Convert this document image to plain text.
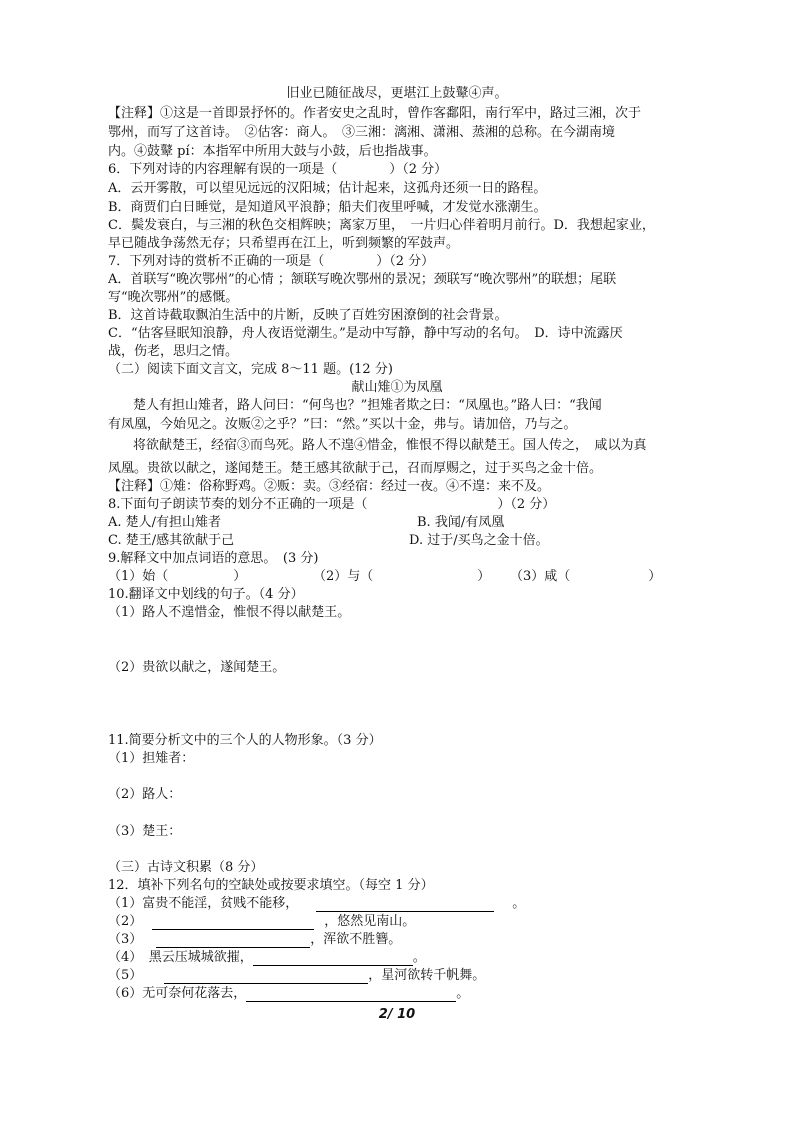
旧业已随征战尽，更堪江上鼓鼙④声。
【注释】①这是一首即景抒怀的。作者安史之乱时，曾作客鄱阳，南行军中，路过三湘，次于
鄂州，而写了这首诗。　②估客：商人。　③三湘：漓湘、潇湘、蒸湘的总称。在今湖南境
内。④鼓鼙 pí：本指军中所用大鼓与小鼓，后也指战事。
6．下列对诗的内容理解有误的一项是（　　　　）（2 分）
A．云开雾散，可以望见远远的汉阳城；估计起来，这孤舟还须一日的路程。
B．商贾们白日睡觉，是知道风平浪静；船夫们夜里呼喊，才发觉水涨潮生。
C．鬓发衰白，与三湘的秋色交相辉映；离家万里，　一片归心伴着明月前行。D．我想起家业，
早已随战争荡然无存；只希望再在江上，听到频繁的军鼓声。
7．下列对诗的赏析不正确的一项是（　　　　）（2 分）
A．首联写“晚次鄂州”的心情 ；颔联写晚次鄂州的景况；颈联写“晚次鄂州”的联想；尾联
写“晚次鄂州”的感慨。
B．这首诗截取飘泊生活中的片断，反映了百姓穷困潦倒的社会背景。
C．“估客昼眠知浪静，舟人夜语觉潮生。”是动中写静，静中写动的名句。　D．诗中流露厌
战，伤老，思归之情。
（二）阅读下面文言文，完成 8～11 题。(12 分)
献山雉①为凤凰
楚人有担山雉者，路人问曰：“何鸟也？”担雉者欺之曰：“凤凰也。”路人曰：“我闻
有凤凰，今始见之。汝贩②之乎？”曰：“然。”买以十金，弗与。请加倍，乃与之。
将欲献楚王，经宿③而鸟死。路人不遑④惜金，惟恨不得以献楚王。国人传之，　咸以为真
凤凰。贵欲以献之，遂闻楚王。楚王感其欲献于己，召而厚赐之，过于买鸟之金十倍。
【注释】①雉：俗称野鸡。②贩：卖。③经宿：经过一夜。④不遑：来不及。
8.下面句子朗读节奏的划分不正确的一项是（　　　　　　　　　　）（2 分）
A. 楚人/有担山雉者	B. 我闻/有凤凰
C. 楚王/感其欲献于己	D. 过于/买鸟之金十倍。
9.解释文中加点词语的意思。　(3 分)
（1）始（　　　　　）	（2）与（　　　　　　　　） （3）咸（　　　　　　）
10.翻译文中划线的句子。（4 分）
（1）路人不遑惜金，惟恨不得以献楚王。
（2）贵欲以献之，遂闻楚王。
11.简要分析文中的三个人的人物形象。（3 分）
（1）担雉者：
（2）路人：
（3）楚王：
（三）古诗文积累（8 分）
12．填补下列名句的空缺处或按要求填空。（每空 1 分）
（1）富贵不能淫，贫贱不能移，	。
（2）	，悠然见南山。
（3）	，浑欲不胜簪。
（4）　黑云压城城欲摧，	。
（5）	，星河欲转千帆舞。
（6）无可奈何花落去，	。
2/ 10
